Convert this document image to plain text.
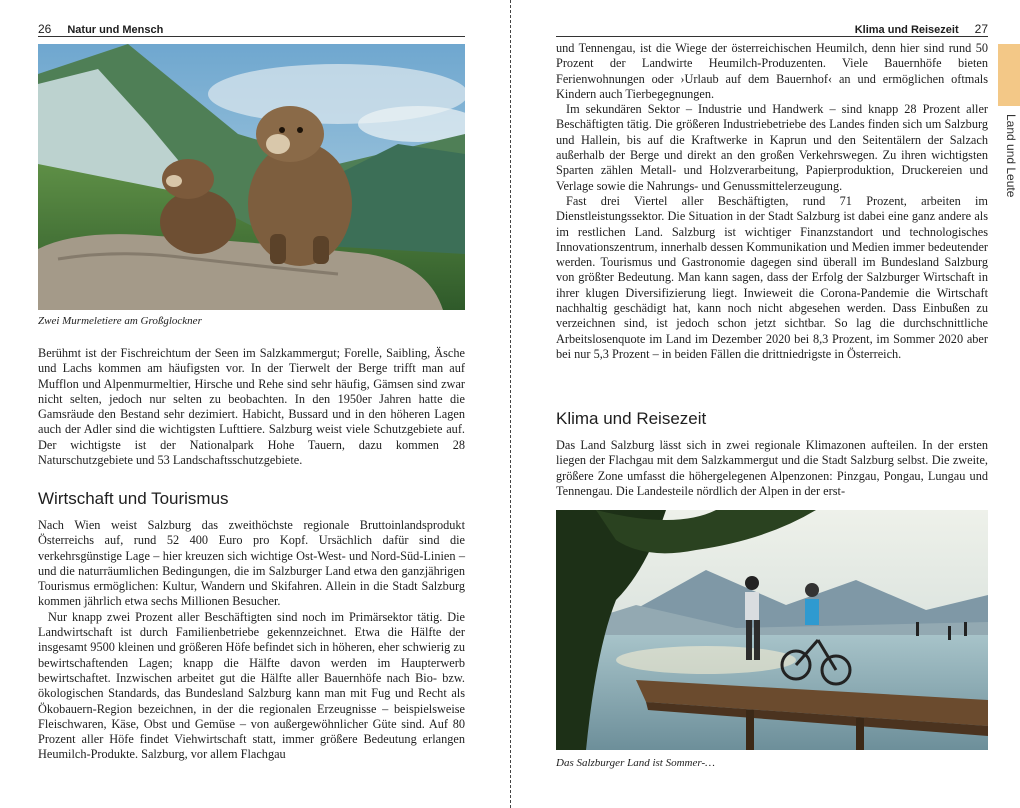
26 Natur und Mensch
Zwei Murmeletiere am Großglockner

Berühmt ist der Fischreichtum der Seen im Salzkammergut; Forelle, Saibling, Äsche und Lachs kommen am häufigsten vor. In der Tierwelt der Berge trifft man auf Mufflon und Alpenmurmeltier, Hirsche und Rehe sind sehr häufig, Gämsen sind zwar nicht selten, jedoch nur selten zu beobachten. In den 1950er Jahren hatte die Gamsräude den Bestand sehr dezimiert. Habicht, Bussard und in den höheren Lagen auch der Adler sind die wichtigsten Lufttiere. Salzburg weist viele Schutzgebiete auf. Der wichtigste ist der Nationalpark Hohe Tauern, dazu kommen 28 Naturschutzgebiete und 53 Landschaftsschutzgebiete.

Wirtschaft und Tourismus

Nach Wien weist Salzburg das zweithöchste regionale Bruttoinlandsprodukt Österreichs auf, rund 52 400 Euro pro Kopf. Ursächlich dafür sind die verkehrsgünstige Lage – hier kreuzen sich wichtige Ost-West- und Nord-Süd-Linien – und die naturräumlichen Bedingungen, die im Salzburger Land etwa den ganzjährigen Tourismus ermöglichen: Kultur, Wandern und Skifahren. Allein in die Stadt Salzburg kommen jährlich etwa sechs Millionen Besucher.

Nur knapp zwei Prozent aller Beschäftigten sind noch im Primärsektor tätig. Die Landwirtschaft ist durch Familienbetriebe gekennzeichnet. Etwa die Hälfte der insgesamt 9500 kleinen und größeren Höfe befindet sich in höheren, eher schwierig zu bewirtschaftenden Lagen; knapp die Hälfte davon werden im Haupterwerb bewirtschaftet. Inzwischen arbeitet gut die Hälfte aller Bauernhöfe nach Bio- bzw. ökologischen Standards, das Bundesland Salzburg kann man mit Fug und Recht als Ökobauern-Region bezeichnen, in der die regionalen Erzeugnisse – beispielsweise Fleischwaren, Käse, Obst und Gemüse – von außergewöhnlicher Güte sind. Auf 80 Prozent aller Höfe findet Viehwirtschaft statt, immer größere Bedeutung erlangen Heumilch-Produkte. Salzburg, vor allem Flachgau

Klima und Reisezeit 27
Land und Leute

und Tennengau, ist die Wiege der österreichischen Heumilch, denn hier sind rund 50 Prozent der Landwirte Heumilch-Produzenten. Viele Bauernhöfe bieten Ferienwohnungen oder ›Urlaub auf dem Bauernhof‹ an und ermöglichen oftmals Kindern auch Tierbegegnungen.

Im sekundären Sektor – Industrie und Handwerk – sind knapp 28 Prozent aller Beschäftigten tätig. Die größeren Industriebetriebe des Landes finden sich um Salzburg und Hallein, bis auf die Kraftwerke in Kaprun und den Seitentälern der Salzach außerhalb der Berge und direkt an den großen Verkehrswegen. Zu ihren wichtigsten Sparten zählen Metall- und Holzverarbeitung, Papierproduktion, Druckereien und Verlage sowie die Nahrungs- und Genussmittelerzeugung.

Fast drei Viertel aller Beschäftigten, rund 71 Prozent, arbeiten im Dienstleistungssektor. Die Situation in der Stadt Salzburg ist dabei eine ganz andere als im restlichen Land. Salzburg ist wichtiger Finanzstandort und technologisches Innovationszentrum, innerhalb dessen Kommunikation und Medien immer bedeutender werden. Tourismus und Gastronomie dagegen sind überall im Bundesland Salzburg von größter Bedeutung. Man kann sagen, dass der Erfolg der Salzburger Wirtschaft in ihrer klugen Diversifizierung liegt. Inwieweit die Corona-Pandemie die Wirtschaft nachhaltig geschädigt hat, kann noch nicht abgesehen werden. Dass Einbußen zu verzeichnen sind, ist jedoch schon jetzt sichtbar. So lag die durchschnittliche Arbeitslosenquote im Land im Dezember 2020 bei 8,3 Prozent, im Sommer 2020 aber bei nur 5,3 Prozent – in beiden Fällen die drittniedrigste in Österreich.

Klima und Reisezeit

Das Land Salzburg lässt sich in zwei regionale Klimazonen aufteilen. In der ersten liegen der Flachgau mit dem Salzkammergut und die Stadt Salzburg selbst. Die zweite, größere Zone umfasst die höhergelegenen Alpenzonen: Pinzgau, Pongau, Lungau und Tennengau. Die Landesteile nördlich der Alpen in der erst-

Das Salzburger Land ist Sommer-…
